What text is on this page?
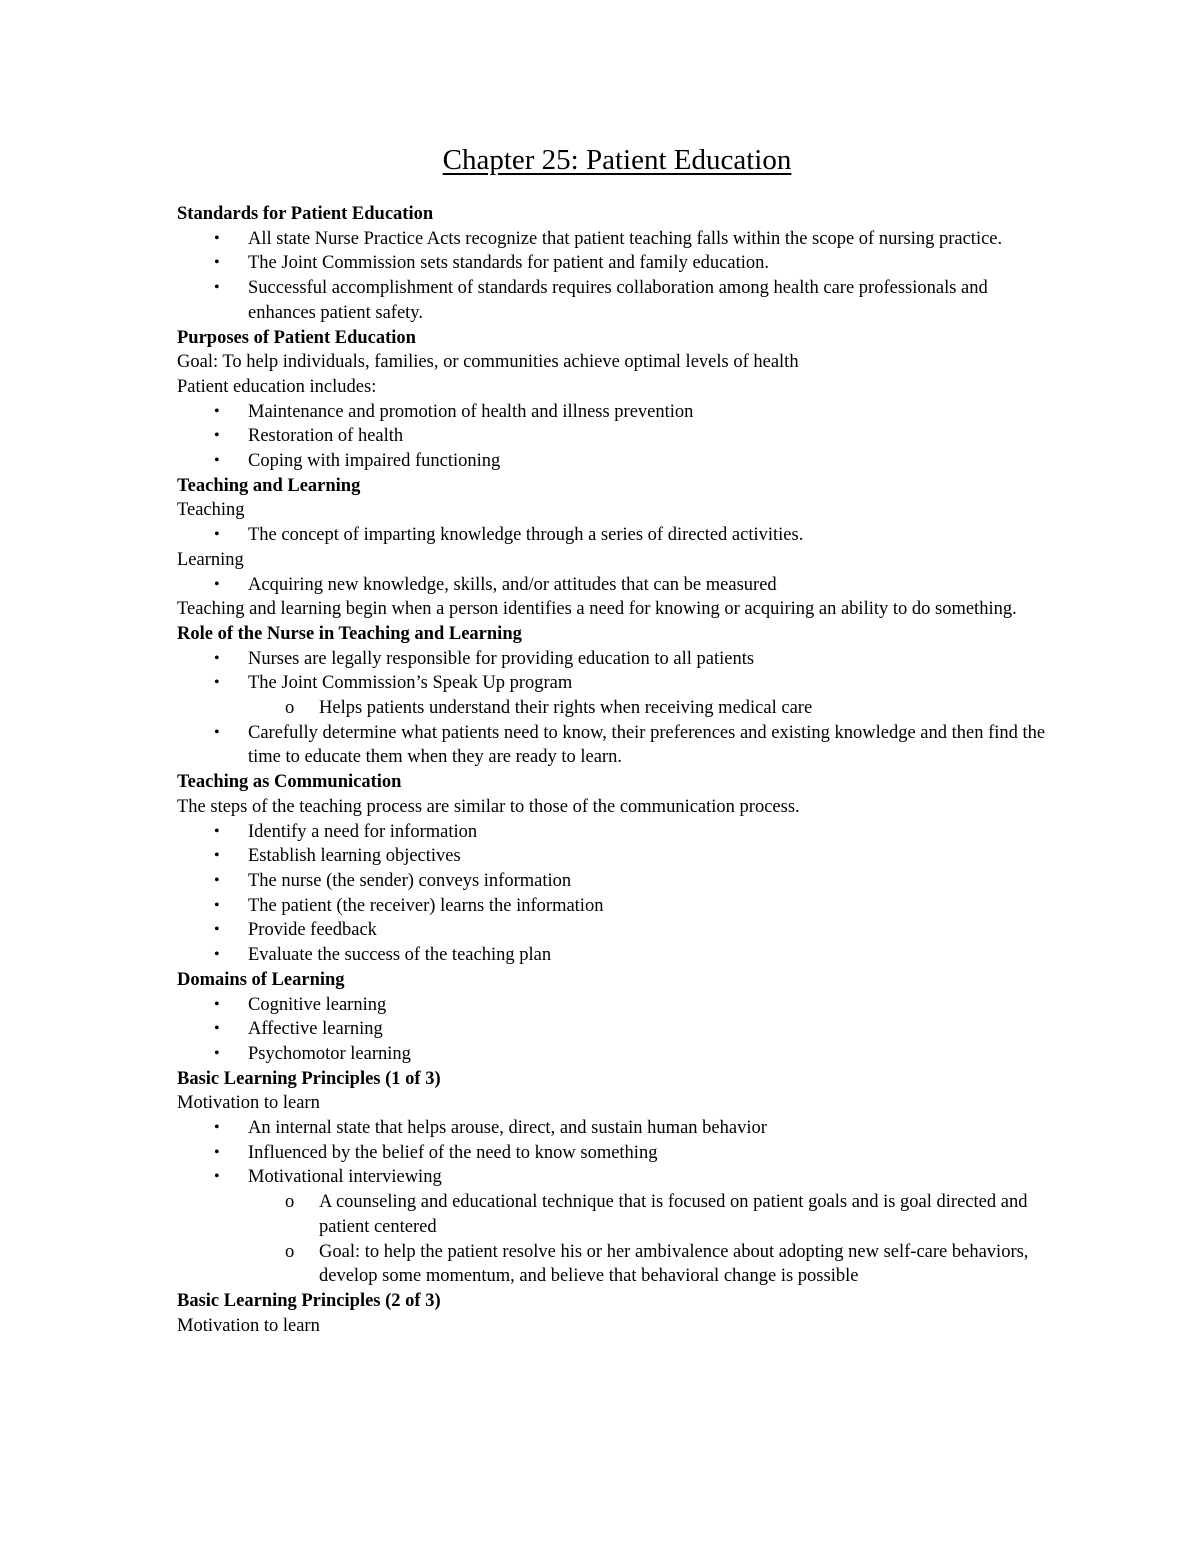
Chapter 25: Patient Education
Standards for Patient Education
• All state Nurse Practice Acts recognize that patient teaching falls within the scope of nursing practice.
• The Joint Commission sets standards for patient and family education.
• Successful accomplishment of standards requires collaboration among health care professionals and enhances patient safety.
Purposes of Patient Education
Goal: To help individuals, families, or communities achieve optimal levels of health
Patient education includes:
• Maintenance and promotion of health and illness prevention
• Restoration of health
• Coping with impaired functioning
Teaching and Learning
Teaching
• The concept of imparting knowledge through a series of directed activities.
Learning
• Acquiring new knowledge, skills, and/or attitudes that can be measured
Teaching and learning begin when a person identifies a need for knowing or acquiring an ability to do something.
Role of the Nurse in Teaching and Learning
• Nurses are legally responsible for providing education to all patients
• The Joint Commission’s Speak Up program
o Helps patients understand their rights when receiving medical care
• Carefully determine what patients need to know, their preferences and existing knowledge and then find the time to educate them when they are ready to learn.
Teaching as Communication
The steps of the teaching process are similar to those of the communication process.
• Identify a need for information
• Establish learning objectives
• The nurse (the sender) conveys information
• The patient (the receiver) learns the information
• Provide feedback
• Evaluate the success of the teaching plan
Domains of Learning
• Cognitive learning
• Affective learning
• Psychomotor learning
Basic Learning Principles (1 of 3)
Motivation to learn
• An internal state that helps arouse, direct, and sustain human behavior
• Influenced by the belief of the need to know something
• Motivational interviewing
o A counseling and educational technique that is focused on patient goals and is goal directed and patient centered
o Goal: to help the patient resolve his or her ambivalence about adopting new self-care behaviors, develop some momentum, and believe that behavioral change is possible
Basic Learning Principles (2 of 3)
Motivation to learn
